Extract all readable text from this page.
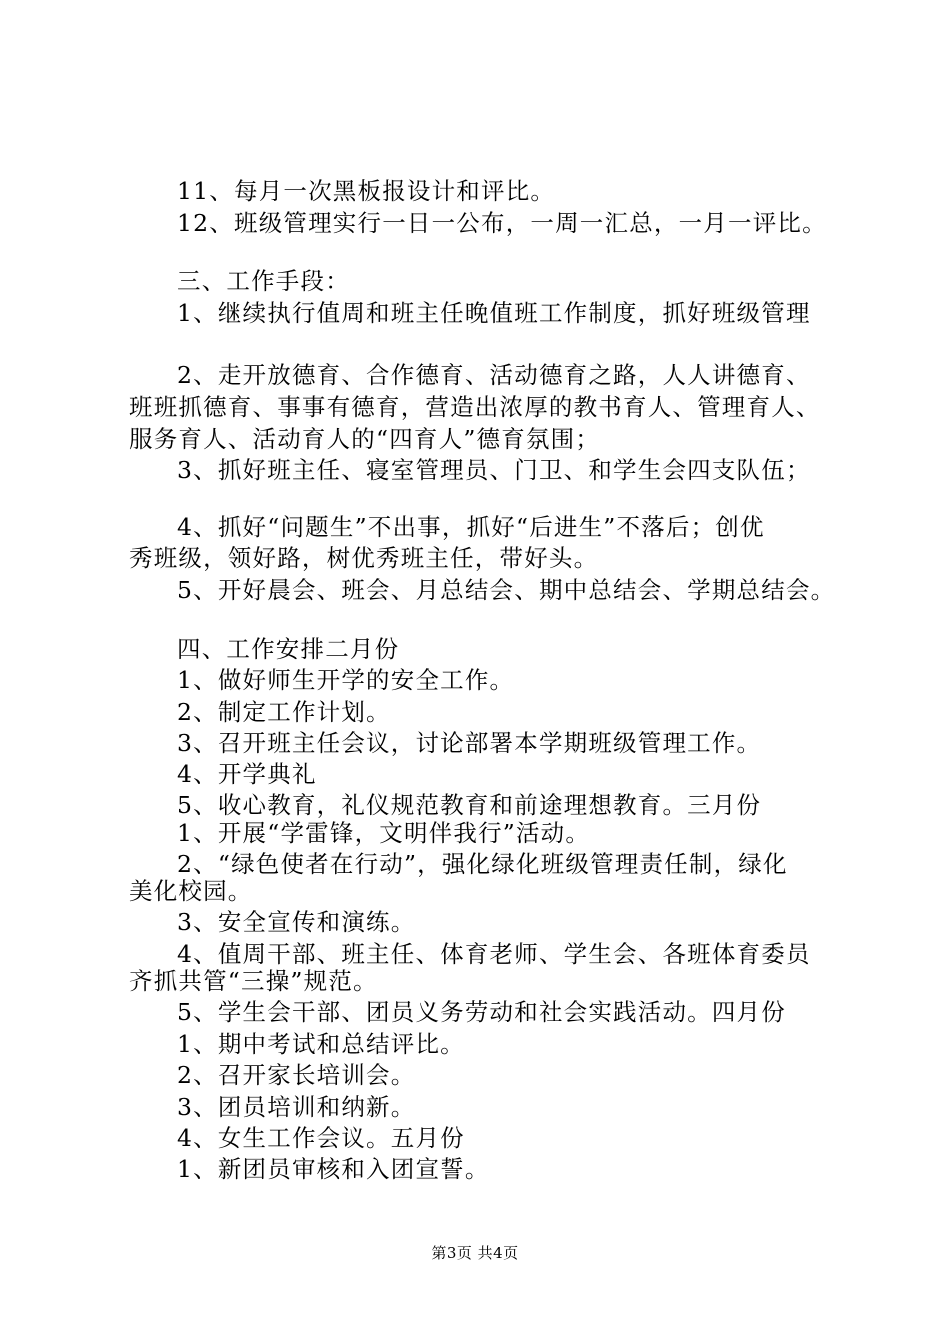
11、每月一次黑板报设计和评比。
12、班级管理实行一日一公布，一周一汇总，一月一评比。
三、工作手段：
1、继续执行值周和班主任晚值班工作制度，抓好班级管理
2、走开放德育、合作德育、活动德育之路，人人讲德育、
班班抓德育、事事有德育，营造出浓厚的教书育人、管理育人、
服务育人、活动育人的“四育人”德育氛围；
3、抓好班主任、寝室管理员、门卫、和学生会四支队伍；
4、抓好“问题生”不出事，抓好“后进生”不落后；创优
秀班级，领好路，树优秀班主任，带好头。
5、开好晨会、班会、月总结会、期中总结会、学期总结会。
四、工作安排二月份
1、做好师生开学的安全工作。
2、制定工作计划。
3、召开班主任会议，讨论部署本学期班级管理工作。
4、开学典礼
5、收心教育，礼仪规范教育和前途理想教育。三月份
1、开展“学雷锋，文明伴我行”活动。
2、“绿色使者在行动”，强化绿化班级管理责任制，绿化
美化校园。
3、安全宣传和演练。
4、值周干部、班主任、体育老师、学生会、各班体育委员
齐抓共管“三操”规范。
5、学生会干部、团员义务劳动和社会实践活动。四月份
1、期中考试和总结评比。
2、召开家长培训会。
3、团员培训和纳新。
4、女生工作会议。五月份
1、新团员审核和入团宣誓。
第3页 共4页
